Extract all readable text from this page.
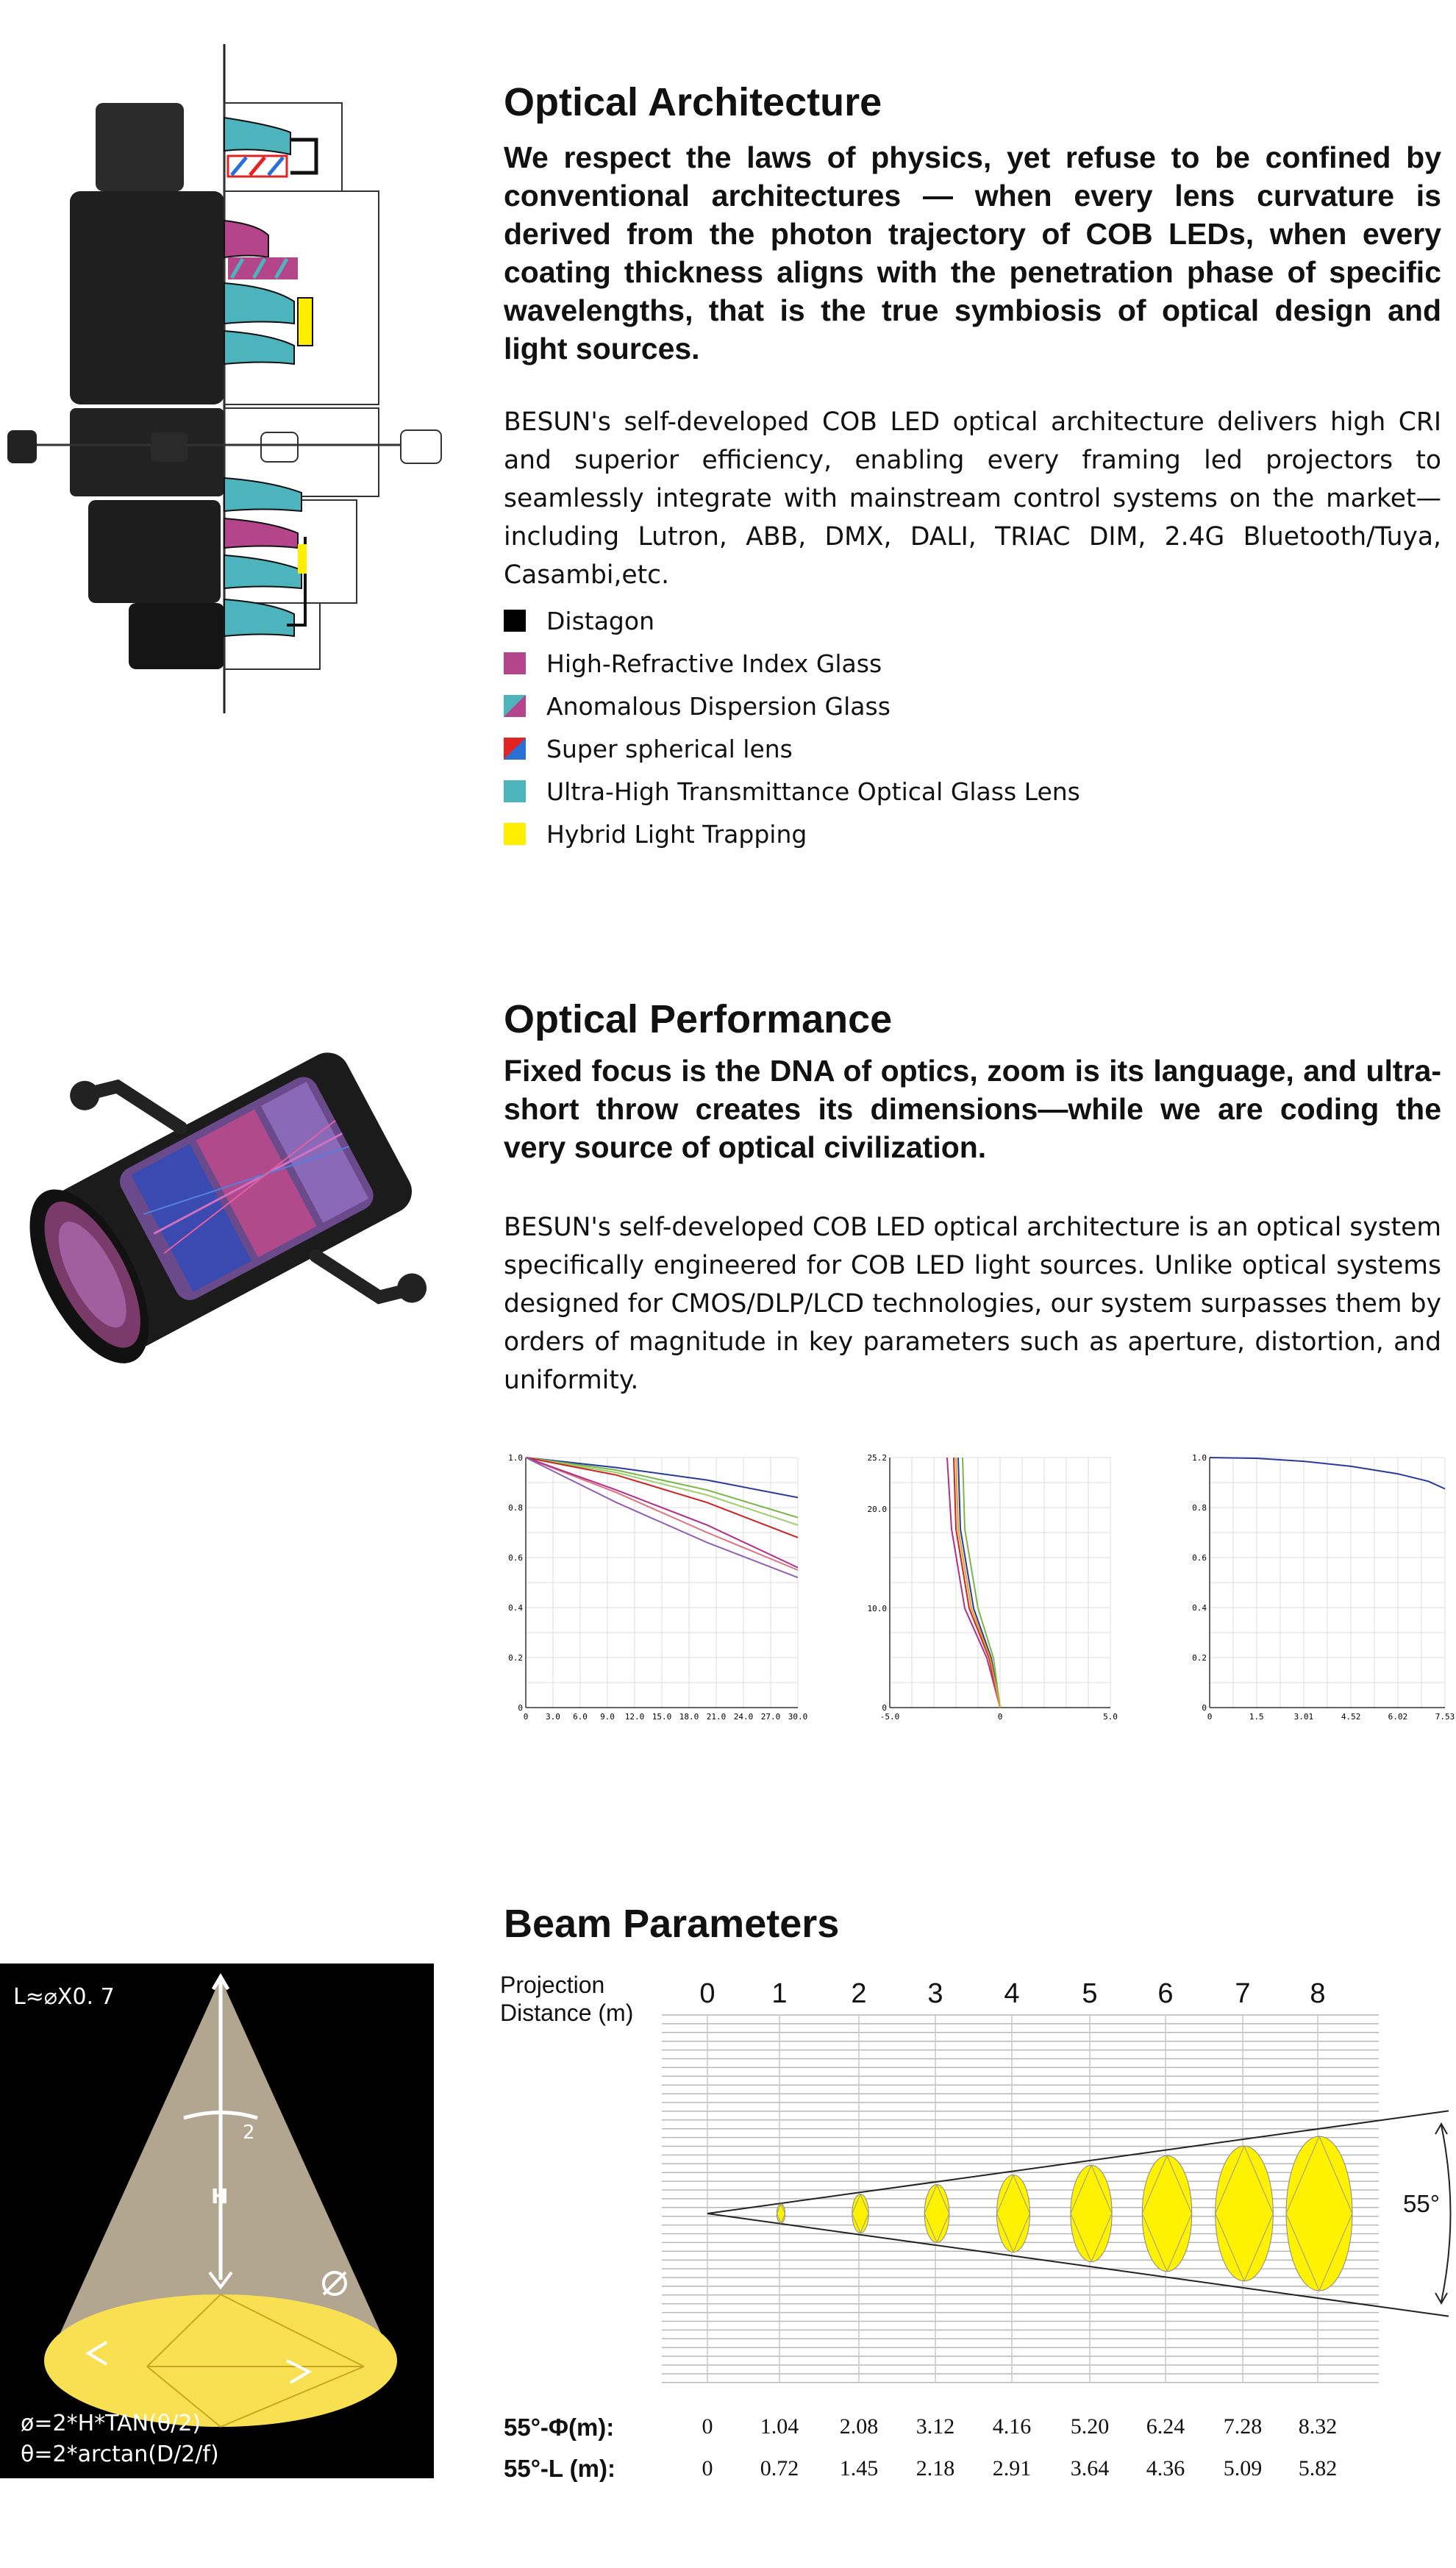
Optical Architecture

We respect the laws of physics, yet refuse to be confined by conventional architectures — when every lens curvature is derived from the photon trajectory of COB LEDs, when every coating thickness aligns with the penetration phase of specific wavelengths, that is the true symbiosis of optical design and light sources.

BESUN's self-developed COB LED optical architecture delivers high CRI and superior efficiency, enabling every framing led projectors to seamlessly integrate with mainstream control systems on the market—including Lutron, ABB, DMX, DALI, TRIAC DIM, 2.4G Bluetooth/Tuya, Casambi,etc.

Distagon
High-Refractive Index Glass
Anomalous Dispersion Glass
Super spherical lens
Ultra-High Transmittance Optical Glass Lens
Hybrid Light Trapping
Optical Performance

Fixed focus is the DNA of optics, zoom is its language, and ultra-short throw creates its dimensions—while we are coding the very source of optical civilization.

BESUN's self-developed COB LED optical architecture is an optical system specifically engineered for COB LED light sources. Unlike optical systems designed for CMOS/DLP/LCD technologies, our system surpasses them by orders of magnitude in key parameters such as aperture, distortion, and uniformity.

0 3.0 6.0 9.0 12.0 15.0 18.0 21.0 24.0 27.0 30.0
0
0.2
0.4
0.6
0.8
1.0
-5.0	0	5.0
0
10.0
20.0
25.2
0	1.5	3.01	4.52	6.02	7.53
0
0.2
0.4
0.6
0.8
1.0
L≈⌀X0. 7
2
H
ø=2*H*TAN(θ/2)
θ=2*arctan(D/2/f)
Beam Parameters
Projection
Distance (m)
0	1	2	3	4	5	6	7	8
55°
55°-Φ(m):	0	1.04	2.08	3.12	4.16	5.20	6.24	7.28	8.32
55°-L (m):	0	0.72	1.45	2.18	2.91	3.64	4.36	5.09	5.82
